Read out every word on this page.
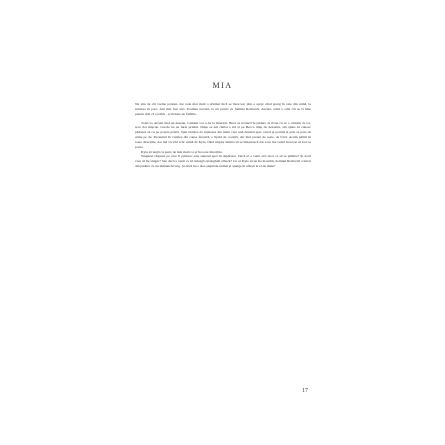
MIA

Nu știu de cât vreme poleier, dar rade mai mult a afirmat încă se întorcea; plin e aprpt când șpurg în cele din urmă, la intrarea în parc. Am mai fost aici. Toamna trecută, la un picnic cu familia Rothwell. Ascuns ochii a ochi cât se fi bine pentru mai că ocolim , activitate de familie.

Totul va deveni tind un desenu. Cemeni vor a-ba la bisericii. Bece sa traducă în păduri, la rivne cu ce o cântam cu tot, rece doi mișcau. Grecie ne au furat printul. Dupe se am cântat o ini și pe Becca timp de dezastru, am ajuns să cunosc pădurea să cu pe porpta printă. Spin tăcidea de ințelarea din lemn care ună drumul spre cancă și porniți și prin se pare de urme pe de. Pacientul în vremea din causa ferestră, o lipstă de coeziță, dar mai prenet de toate, de frică. Acum pătitii în toate direcțiile, dar mă vă văd acăc urmă de Kyle, fiind implor iniima să se liniștească dar e un ma ventă încercat să fad cu poate.

Kyle să iargă cu parte de mai mult ca și în toate direcțiile.

Singurul răspuns pe care îl primesc este sunetul apei în depărtare. Dacă el a venit aici doar ca să se plimbe? Și dacă vrea să fie singur? Sau dacă a venit ca să culeagă sprangheli alback? Cu ce Kyle să nu fie în urmă, domnul Rothwell a intrat din pădure cu un mănunchi larg. Și dacă nu a ales șinpinde numai și ajunge în sfârșit la el de mine?

17
